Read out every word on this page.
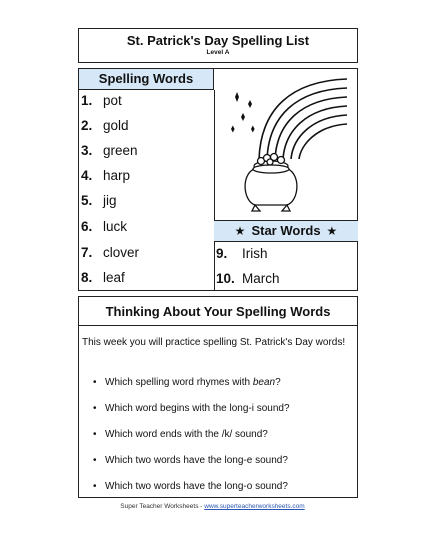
St. Patrick's Day Spelling List
Level A
Spelling Words
1. pot
2. gold
3. green
4. harp
5. jig
6. luck
7. clover
8. leaf
★ Star Words ★
9. Irish
10. March
Thinking About Your Spelling Words
This week you will practice spelling St. Patrick's Day words!
• Which spelling word rhymes with bean?
• Which word begins with the long-i sound?
• Which word ends with the /k/ sound?
• Which two words have the long-e sound?
• Which two words have the long-o sound?
Super Teacher Worksheets - www.superteacherworksheets.com
